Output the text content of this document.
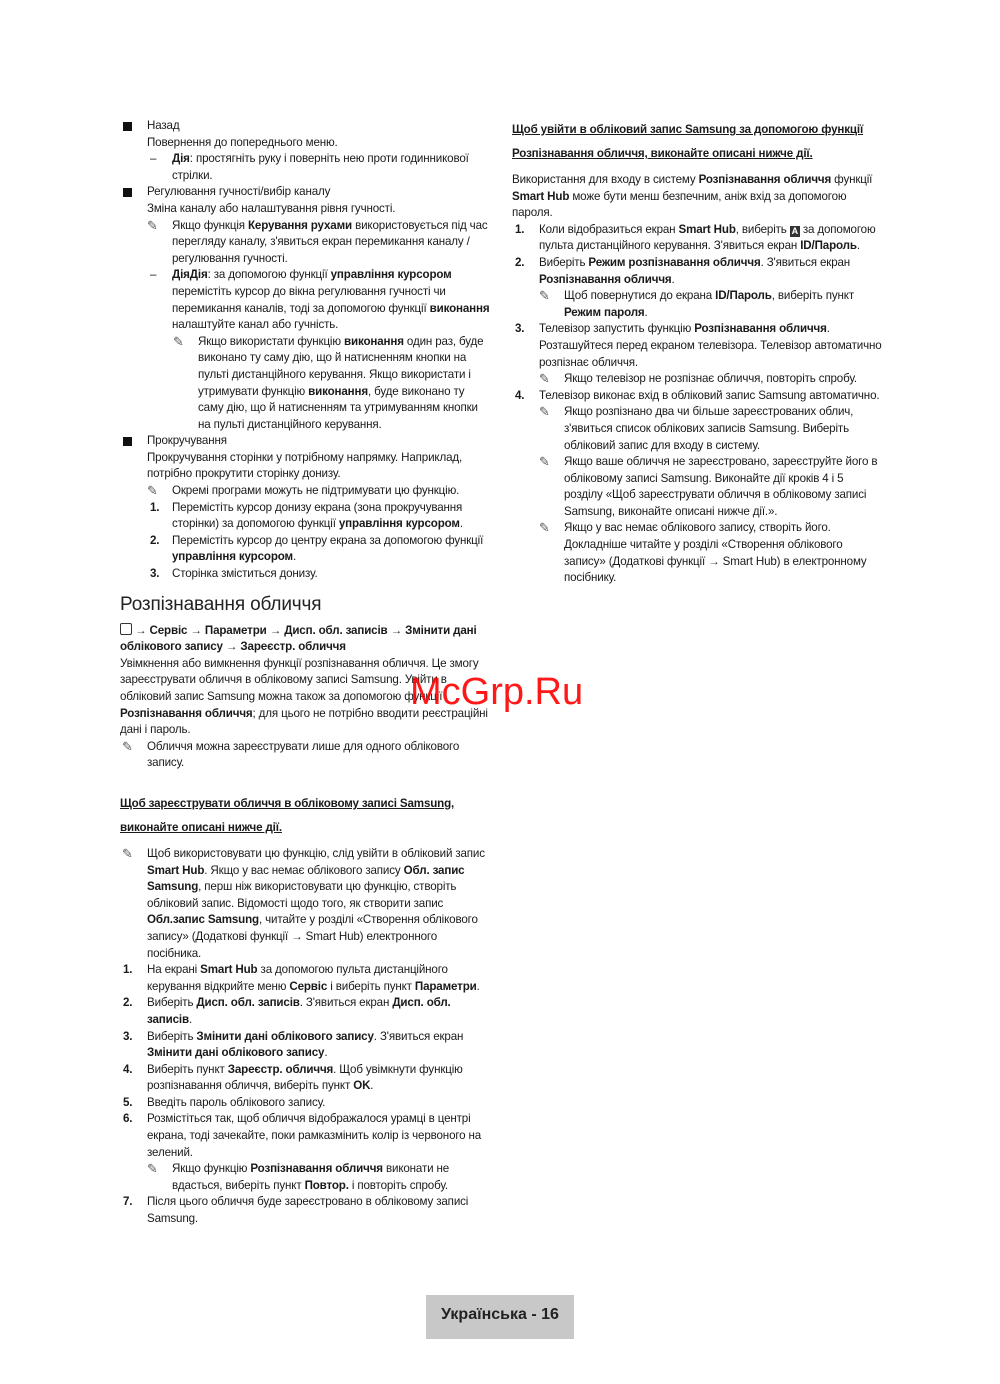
Назад
Повернення до попереднього меню.
– Дія: простягніть руку і поверніть нею проти годинникової стрілки.
Регулювання гучності/вибір каналу
Зміна каналу або налаштування рівня гучності.
✎ Якщо функція Керування рухами використовується під час перегляду каналу, з'явиться екран перемикання каналу / регулювання гучності.
– ДіяДія: за допомогою функції управління курсором перемістіть курсор до вікна регулювання гучності чи перемикання каналів, тоді за допомогою функції виконання налаштуйте канал або гучність.
✎ Якщо використати функцію виконання один раз, буде виконано ту саму дію, що й натисненням кнопки на пульті дистанційного керування. Якщо використати і утримувати функцію виконання, буде виконано ту саму дію, що й натисненням та утримуванням кнопки на пульті дистанційного керування.
Прокручування
Прокручування сторінки у потрібному напрямку. Наприклад, потрібно прокрутити сторінку донизу.
✎ Окремі програми можуть не підтримувати цю функцію.
1. Перемістіть курсор донизу екрана (зона прокручування сторінки) за допомогою функції управління курсором.
2. Перемістіть курсор до центру екрана за допомогою функції управління курсором.
3. Сторінка зміститься донизу.
Розпізнавання обличчя
→ Сервіс → Параметри → Дисп. обл. записів → Змінити дані облікового запису → Зареєстр. обличчя
Увімкнення або вимкнення функції розпізнавання обличчя. Це змогу зареєструвати обличчя в обліковому записі Samsung. Увійти в обліковий запис Samsung можна також за допомогою функції Розпізнавання обличчя; для цього не потрібно вводити реєстраційні дані і пароль.
✎ Обличчя можна зареєструвати лише для одного облікового запису.

Щоб зареєструвати обличчя в обліковому записі Samsung,

виконайте описані нижче дії.

✎ Щоб використовувати цю функцію, слід увійти в обліковий запис Smart Hub. Якщо у вас немає облікового запису Обл. запис Samsung, перш ніж використовувати цю функцію, створіть обліковий запис. Відомості щодо того, як створити запис Обл.запис Samsung, читайте у розділі «Створення облікового запису» (Додаткові функції → Smart Hub) електронного посібника.
1. На екрані Smart Hub за допомогою пульта дистанційного керування відкрийте меню Сервіс і виберіть пункт Параметри.
2. Виберіть Дисп. обл. записів. З'явиться екран Дисп. обл. записів.
3. Виберіть Змінити дані облікового запису. З'явиться екран Змінити дані облікового запису.
4. Виберіть пункт Зареєстр. обличчя. Щоб увімкнути функцію розпізнавання обличчя, виберіть пункт OK.
5. Введіть пароль облікового запису.
6. Розмістіться так, щоб обличчя відображалося урамці в центрі екрана, тоді зачекайте, поки рамказмінить колір із червоного на зелений.
✎ Якщо функцію Розпізнавання обличчя виконати не вдасться, виберіть пункт Повтор. і повторіть спробу.
7. Після цього обличчя буде зареєстровано в обліковому записі Samsung.

Щоб увійти в обліковий запис Samsung за допомогою функції

Розпізнавання обличчя, виконайте описані нижче дії.

Використання для входу в систему Розпізнавання обличчя функції Smart Hub може бути менш безпечним, аніж вхід за допомогою пароля.
1. Коли відобразиться екран Smart Hub, виберіть A за допомогою пульта дистанційного керування. З'явиться екран ID/Пароль.
2. Виберіть Режим розпізнавання обличчя. З'явиться екран Розпізнавання обличчя.
✎ Щоб повернутися до екрана ID/Пароль, виберіть пункт Режим пароля.
3. Телевізор запустить функцію Розпізнавання обличчя. Розташуйтеся перед екраном телевізора. Телевізор автоматично розпізнає обличчя.
✎ Якщо телевізор не розпізнає обличчя, повторіть спробу.
4. Телевізор виконає вхід в обліковий запис Samsung автоматично.
✎ Якщо розпізнано два чи більше зареєстрованих облич, з'явиться список облікових записів Samsung. Виберіть обліковий запис для входу в систему.
✎ Якщо ваше обличчя не зареєстровано, зареєструйте його в обліковому записі Samsung. Виконайте дії кроків 4 і 5 розділу «Щоб зареєструвати обличчя в обліковому записі Samsung, виконайте описані нижче дії.».
✎ Якщо у вас немає облікового запису, створіть його. Докладніше читайте у розділі «Створення облікового запису» (Додаткові функції → Smart Hub) в електронному посібнику.
McGrp.Ru
Українська - 16
